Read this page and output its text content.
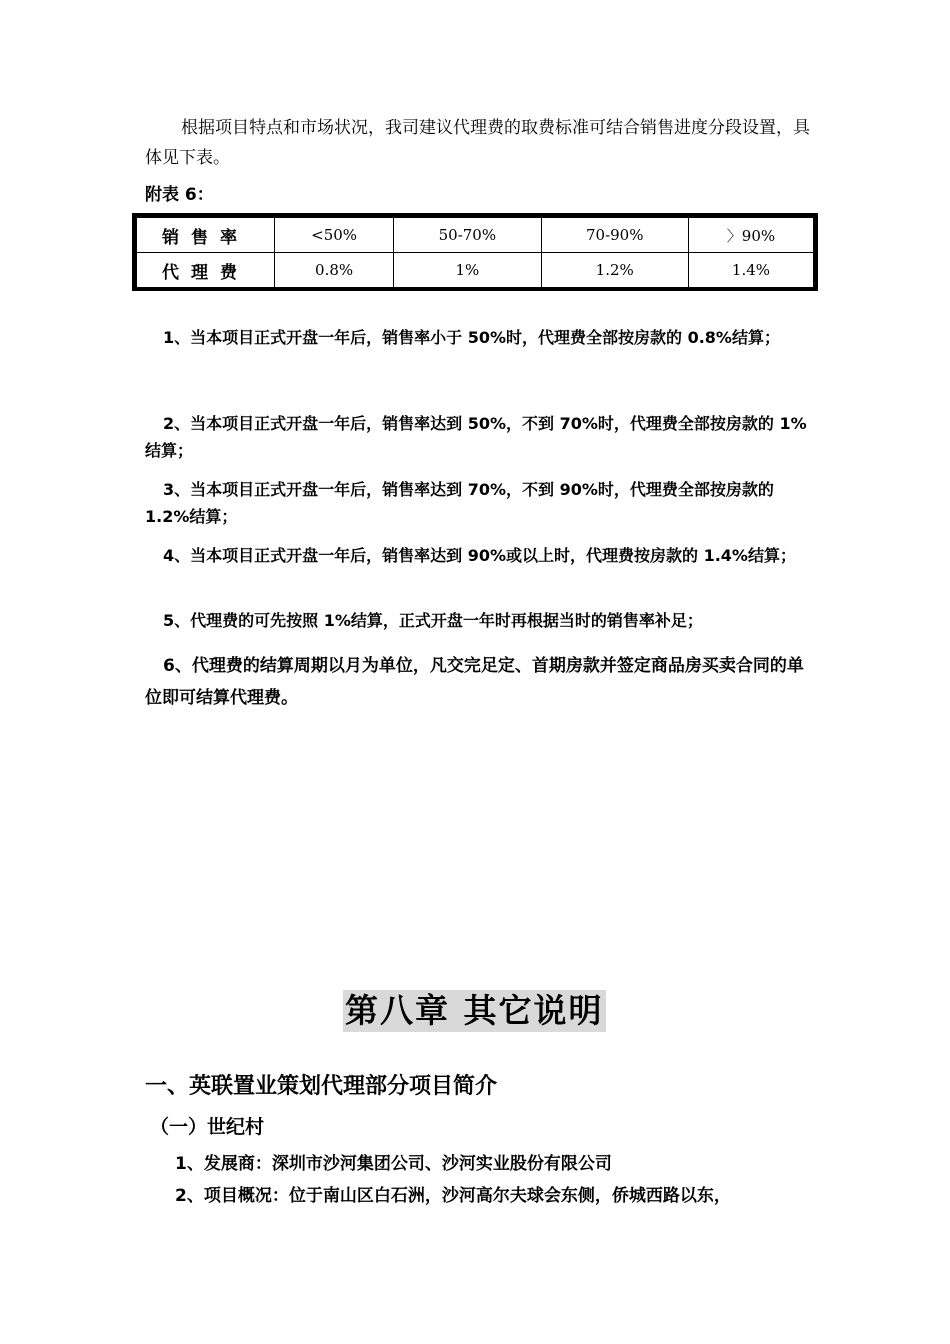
根据项目特点和市场状况，我司建议代理费的取费标准可结合销售进度分段设置，具体见下表。
附表 6：
销售率	<50%	50-70%	70-90%	〉90%
代理费	0.8%	1%	1.2%	1.4%
1、当本项目正式开盘一年后，销售率小于 50%时，代理费全部按房款的 0.8%结算；
2、当本项目正式开盘一年后，销售率达到 50%，不到 70%时，代理费全部按房款的 1%结算；
3、当本项目正式开盘一年后，销售率达到 70%，不到 90%时，代理费全部按房款的 1.2%结算；
4、当本项目正式开盘一年后，销售率达到 90%或以上时，代理费按房款的 1.4%结算；
5、代理费的可先按照 1%结算，正式开盘一年时再根据当时的销售率补足；
6、代理费的结算周期以月为单位，凡交完足定、首期房款并签定商品房买卖合同的单位即可结算代理费。
第八章 其它说明
一、英联置业策划代理部分项目简介
（一）世纪村
1、发展商：深圳市沙河集团公司、沙河实业股份有限公司
2、项目概况：位于南山区白石洲，沙河高尔夫球会东侧，侨城西路以东，
